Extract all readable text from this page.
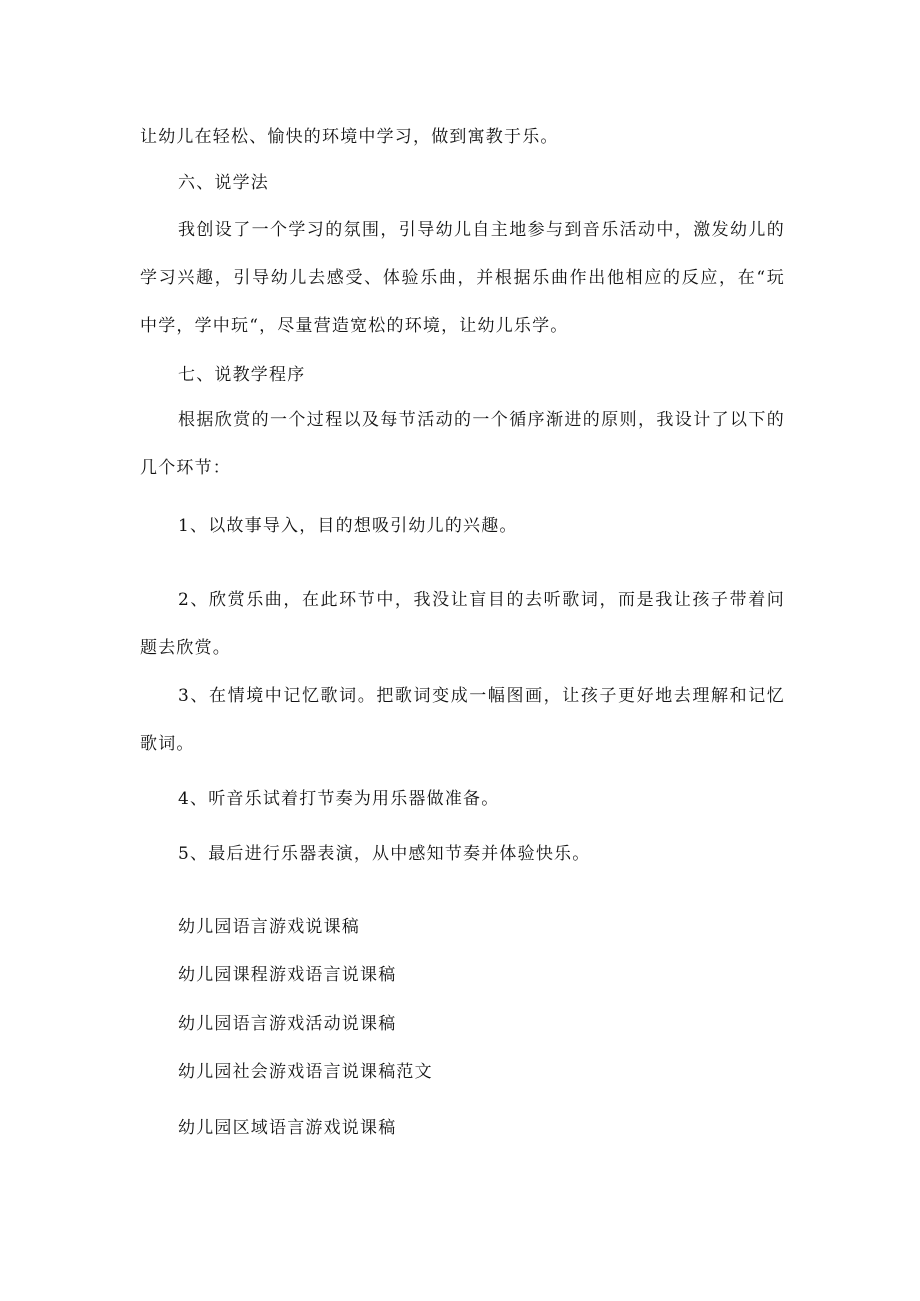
让幼儿在轻松、愉快的环境中学习，做到寓教于乐。

六、说学法

我创设了一个学习的氛围，引导幼儿自主地参与到音乐活动中，激发幼儿的学习兴趣，引导幼儿去感受、体验乐曲，并根据乐曲作出他相应的反应，在“玩中学，学中玩“，尽量营造宽松的环境，让幼儿乐学。

七、说教学程序

根据欣赏的一个过程以及每节活动的一个循序渐进的原则，我设计了以下的几个环节：

1、以故事导入，目的想吸引幼儿的兴趣。

2、欣赏乐曲，在此环节中，我没让盲目的去听歌词，而是我让孩子带着问题去欣赏。

3、在情境中记忆歌词。把歌词变成一幅图画，让孩子更好地去理解和记忆歌词。

4、听音乐试着打节奏为用乐器做准备。

5、最后进行乐器表演，从中感知节奏并体验快乐。

幼儿园语言游戏说课稿

幼儿园课程游戏语言说课稿

幼儿园语言游戏活动说课稿

幼儿园社会游戏语言说课稿范文

幼儿园区域语言游戏说课稿
